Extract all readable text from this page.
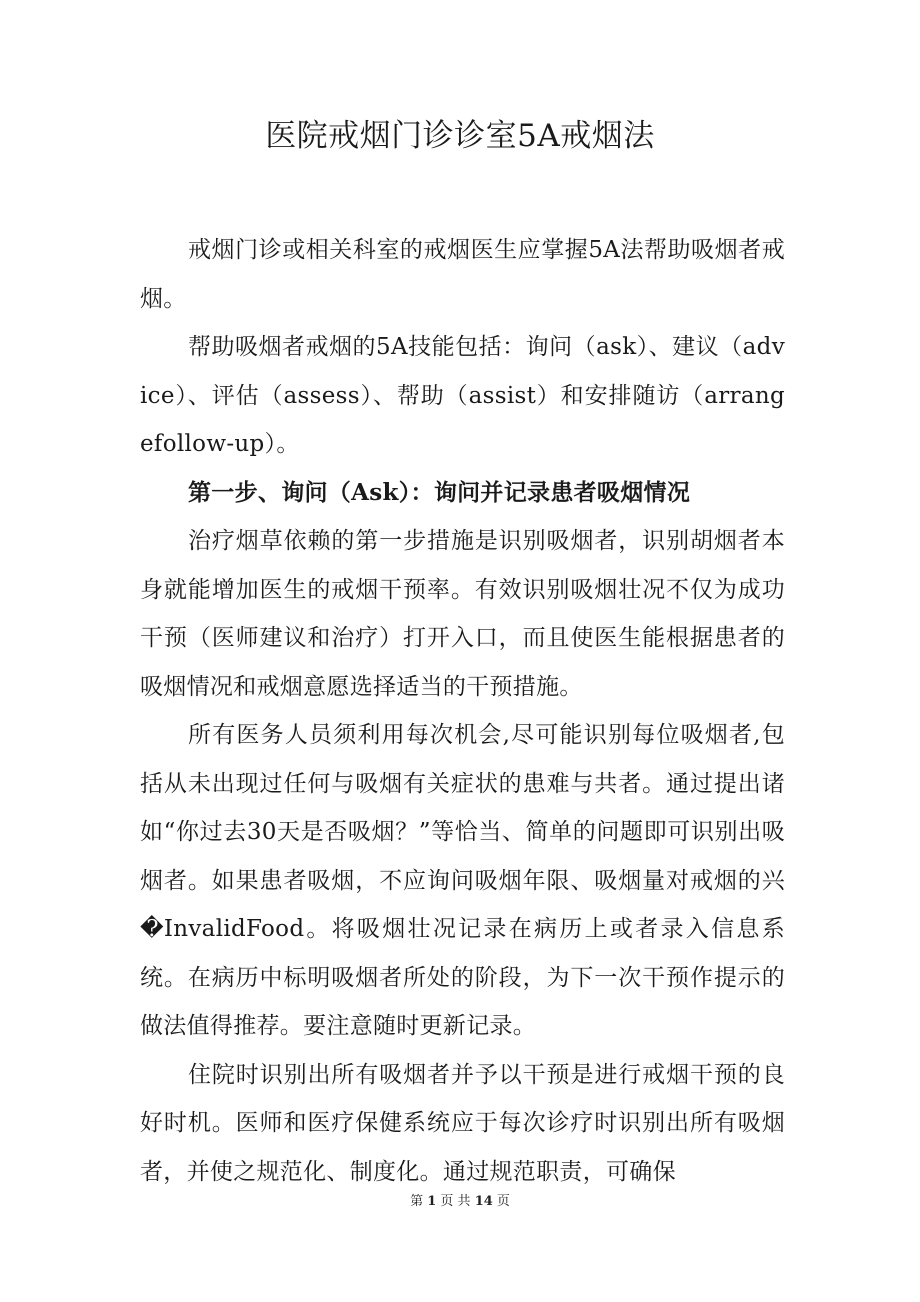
医院戒烟门诊诊室5A戒烟法

戒烟门诊或相关科室的戒烟医生应掌握5A法帮助吸烟者戒烟。

帮助吸烟者戒烟的5A技能包括：询问（ask）、建议（advice）、评估（assess）、帮助（assist）和安排随访（arrangefollow-up）。

第一步、询问（Ask）：询问并记录患者吸烟情况

治疗烟草依赖的第一步措施是识别吸烟者，识别胡烟者本身就能增加医生的戒烟干预率。有效识别吸烟壮况不仅为成功干预（医师建议和治疗）打开入口，而且使医生能根据患者的吸烟情况和戒烟意愿选择适当的干预措施。

所有医务人员须利用每次机会,尽可能识别每位吸烟者,包括从未出现过任何与吸烟有关症状的患难与共者。通过提出诸如“你过去30天是否吸烟？”等恰当、简单的问题即可识别出吸烟者。如果患者吸烟，不应询问吸烟年限、吸烟量对戒烟的兴�InvalidFood。将吸烟壮况记录在病历上或者录入信息系统。在病历中标明吸烟者所处的阶段，为下一次干预作提示的做法值得推荐。要注意随时更新记录。

住院时识别出所有吸烟者并予以干预是进行戒烟干预的良好时机。医师和医疗保健系统应于每次诊疗时识别出所有吸烟者，并使之规范化、制度化。通过规范职责，可确保

第 1 页 共 14 页
